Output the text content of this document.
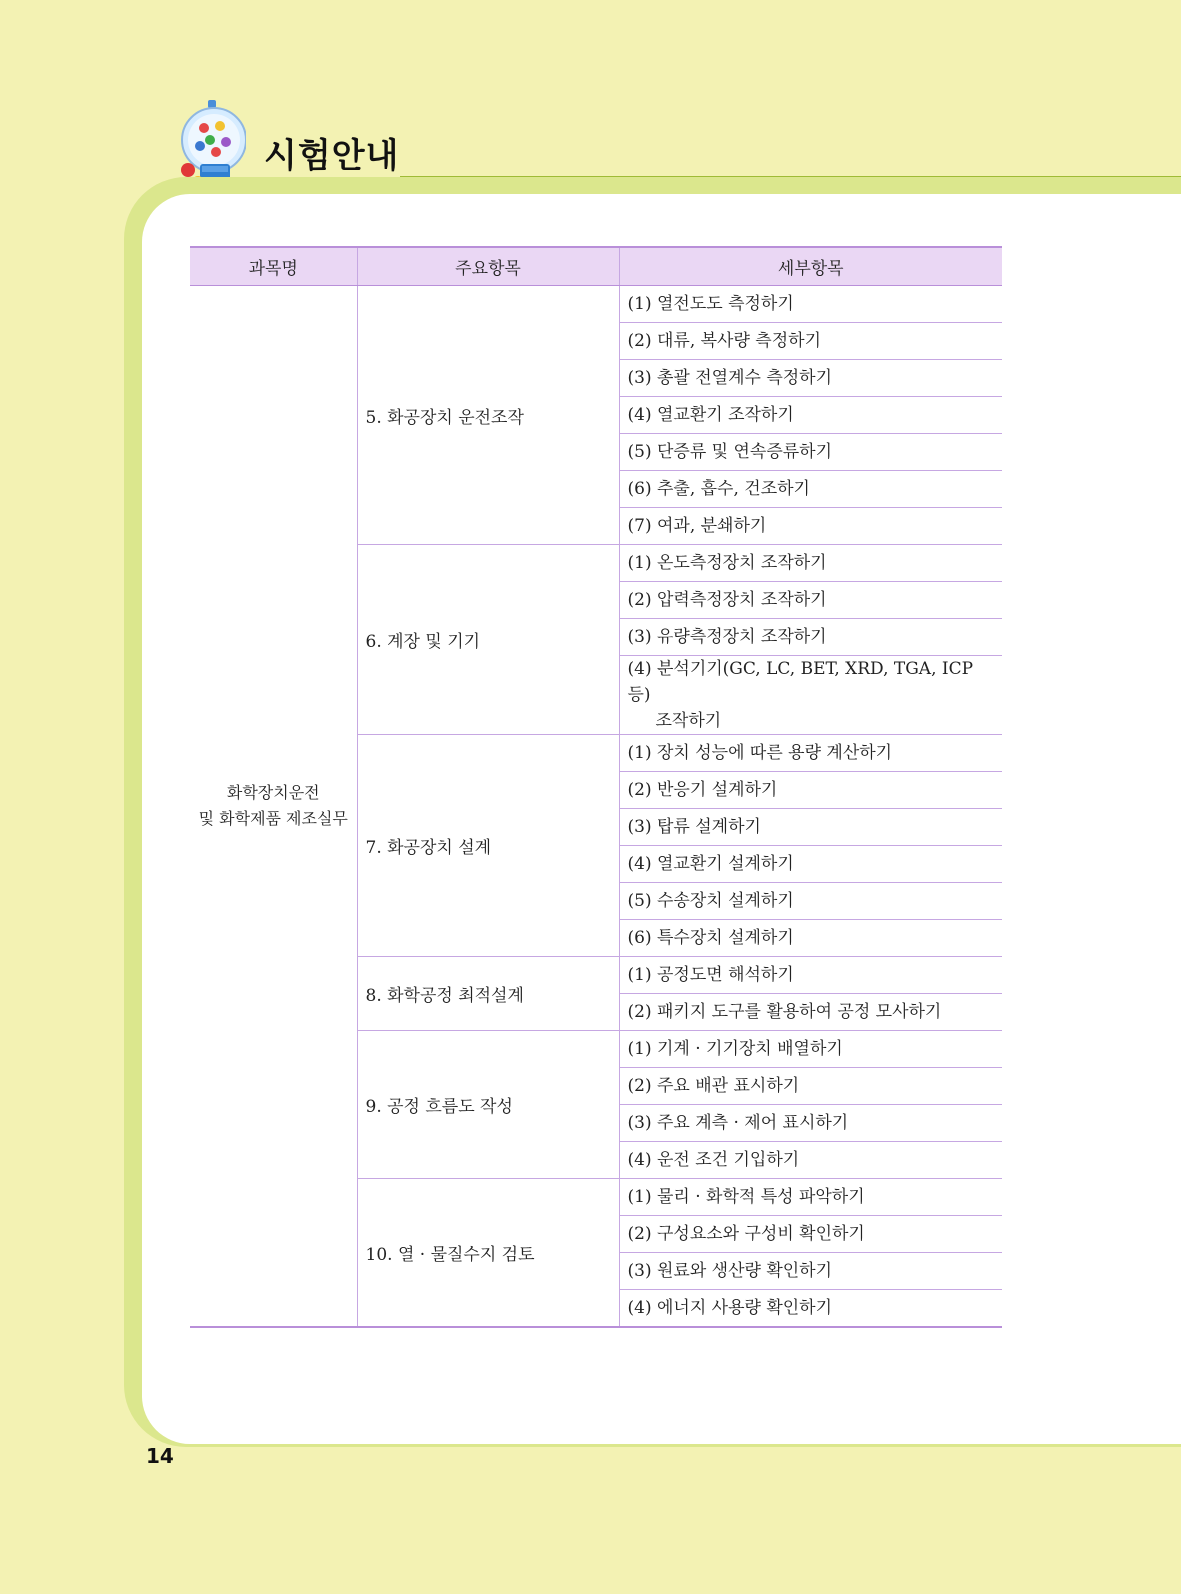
시험안내
과목명	주요항목	세부항목

화학장치운전
및 화학제품 제조실무	5. 화공장치 운전조작	(1) 열전도도 측정하기
		(2) 대류, 복사량 측정하기
		(3) 총괄 전열계수 측정하기
		(4) 열교환기 조작하기
		(5) 단증류 및 연속증류하기
		(6) 추출, 흡수, 건조하기
		(7) 여과, 분쇄하기
	6. 계장 및 기기	(1) 온도측정장치 조작하기
		(2) 압력측정장치 조작하기
		(3) 유량측정장치 조작하기

		(4) 분석기기(GC, LC, BET, XRD, TGA, ICP 등)
조작하기

	7. 화공장치 설계	(1) 장치 성능에 따른 용량 계산하기
		(2) 반응기 설계하기
		(3) 탑류 설계하기
		(4) 열교환기 설계하기
		(5) 수송장치 설계하기
		(6) 특수장치 설계하기
	8. 화학공정 최적설계	(1) 공정도면 해석하기
		(2) 패키지 도구를 활용하여 공정 모사하기
	9. 공정 흐름도 작성	(1) 기계 · 기기장치 배열하기
		(2) 주요 배관 표시하기
		(3) 주요 계측 · 제어 표시하기
		(4) 운전 조건 기입하기
	10. 열 · 물질수지 검토	(1) 물리 · 화학적 특성 파악하기
		(2) 구성요소와 구성비 확인하기
		(3) 원료와 생산량 확인하기
		(4) 에너지 사용량 확인하기
14
